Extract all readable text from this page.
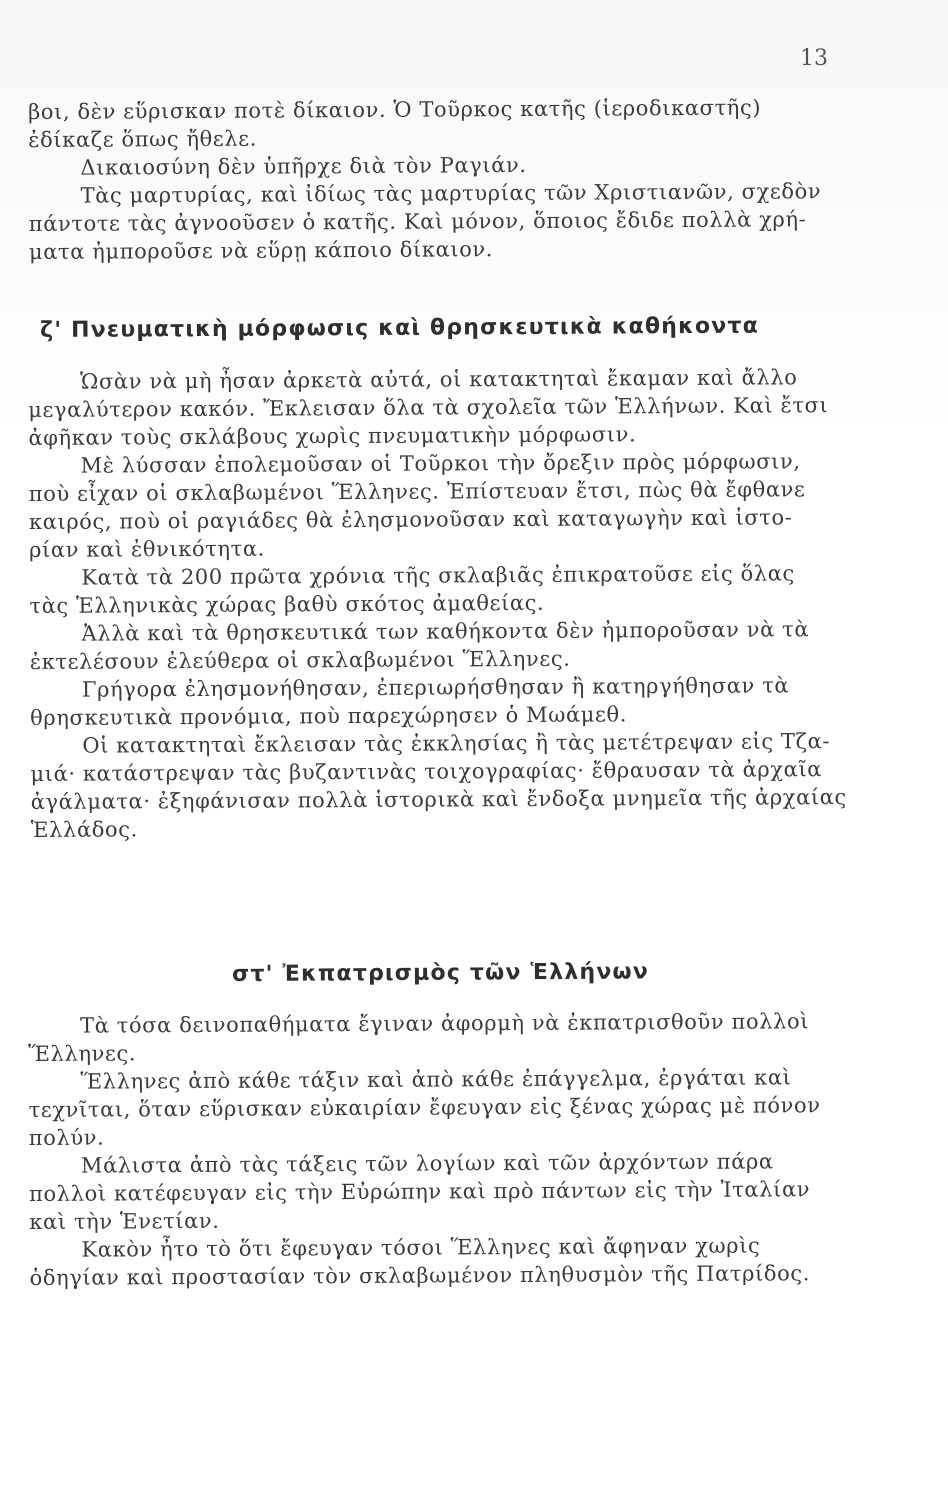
13
βοι, δὲν εὕρισκαν ποτὲ δίκαιον. Ὁ Τοῦρκος κατῆς (ἱεροδικαστῆς)
ἐδίκαζε ὅπως ἤθελε.
Δικαιοσύνη δὲν ὑπῆρχε διὰ τὸν Ραγιάν.
Τὰς μαρτυρίας, καὶ ἰδίως τὰς μαρτυρίας τῶν Χριστιανῶν, σχεδὸν
πάντοτε τὰς ἀγνοοῦσεν ὁ κατῆς. Καὶ μόνον, ὅποιος ἔδιδε πολλὰ χρή-
ματα ἠμποροῦσε νὰ εὕρῃ κάποιο δίκαιον.
ζ' Πνευματικὴ μόρφωσις καὶ θρησκευτικὰ καθήκοντα
Ὡσὰν νὰ μὴ ἦσαν ἀρκετὰ αὐτά, οἱ κατακτηταὶ ἔκαμαν καὶ ἄλλο
μεγαλύτερον κακόν. Ἔκλεισαν ὅλα τὰ σχολεῖα τῶν Ἑλλήνων. Καὶ ἔτσι
ἀφῆκαν τοὺς σκλάβους χωρὶς πνευματικὴν μόρφωσιν.
Μὲ λύσσαν ἐπολεμοῦσαν οἱ Τοῦρκοι τὴν ὄρεξιν πρὸς μόρφωσιν,
ποὺ εἶχαν οἱ σκλαβωμένοι Ἕλληνες. Ἐπίστευαν ἔτσι, πὼς θὰ ἔφθανε
καιρός, ποὺ οἱ ραγιάδες θὰ ἐλησμονοῦσαν καὶ καταγωγὴν καὶ ἱστο-
ρίαν καὶ ἐθνικότητα.
Κατὰ τὰ 200 πρῶτα χρόνια τῆς σκλαβιᾶς ἐπικρατοῦσε εἰς ὅλας
τὰς Ἑλληνικὰς χώρας βαθὺ σκότος ἀμαθείας.
Ἀλλὰ καὶ τὰ θρησκευτικά των καθήκοντα δὲν ἠμποροῦσαν νὰ τὰ
ἐκτελέσουν ἐλεύθερα οἱ σκλαβωμένοι Ἕλληνες.
Γρήγορα ἐλησμονήθησαν, ἐπεριωρήσθησαν ἢ κατηργήθησαν τὰ
θρησκευτικὰ προνόμια, ποὺ παρεχώρησεν ὁ Μωάμεθ.
Οἱ κατακτηταὶ ἔκλεισαν τὰς ἐκκλησίας ἢ τὰς μετέτρεψαν εἰς Τζα-
μιά· κατάστρεψαν τὰς βυζαντινὰς τοιχογραφίας· ἔθραυσαν τὰ ἀρχαῖα
ἀγάλματα· ἐξηφάνισαν πολλὰ ἱστορικὰ καὶ ἔνδοξα μνημεῖα τῆς ἀρχαίας
Ἑλλάδος.
στ' Ἐκπατρισμὸς τῶν Ἑλλήνων
Τὰ τόσα δεινοπαθήματα ἔγιναν ἀφορμὴ νὰ ἐκπατρισθοῦν πολλοὶ
Ἕλληνες.
Ἕλληνες ἀπὸ κάθε τάξιν καὶ ἀπὸ κάθε ἐπάγγελμα, ἐργάται καὶ
τεχνῖται, ὅταν εὕρισκαν εὐκαιρίαν ἔφευγαν εἰς ξένας χώρας μὲ πόνον
πολύν.
Μάλιστα ἀπὸ τὰς τάξεις τῶν λογίων καὶ τῶν ἀρχόντων πάρα
πολλοὶ κατέφευγαν εἰς τὴν Εὐρώπην καὶ πρὸ πάντων εἰς τὴν Ἰταλίαν
καὶ τὴν Ἑνετίαν.
Κακὸν ἦτο τὸ ὅτι ἔφευγαν τόσοι Ἕλληνες καὶ ἄφηναν χωρὶς
ὁδηγίαν καὶ προστασίαν τὸν σκλαβωμένον πληθυσμὸν τῆς Πατρίδος.
